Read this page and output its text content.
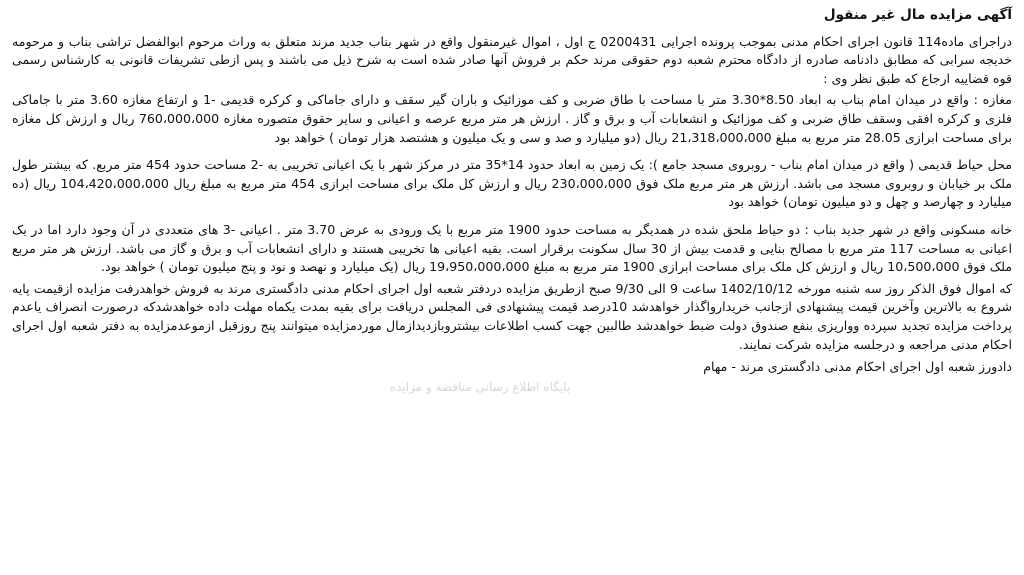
آگهی مزایده مال غیر منقول

دراجرای ماده114 قانون اجرای احکام مدنی بموجب پرونده اجرایی 0200431 ج اول ، اموال غیرمنقول واقع در شهر بناب جدید مرند متعلق به وراث مرحوم ابوالفضل تراشی بناب و مرحومه خدیجه سرابی که مطابق دادنامه صادره از دادگاه محترم شعبه دوم حقوقی مرند حکم بر فروش آنها صادر شده است به شرح ذیل می باشند و پس ازطی تشریفات قانونی به کارشناس رسمی قوه قضاییه ارجاع که طبق نظر وی :

مغازه : واقع در میدان امام بناب به ابعاد 8.50*3.30 متر با مساحت با طاق ضربی و کف موزائیک و باران گیر سقف و دارای جاماکی و کرکره قدیمی -1 و ارتفاع مغازه 3.60 متر با جاماکی فلزی و کرکره افقی وسقف طاق ضربی و کف موزائیک و انشعابات آب و برق و گاز . ارزش هر متر مربع عرصه و اعیانی و سایر حقوق متصوره مغازه 760،000،000 ریال و ارزش کل مغازه برای مساحت ابرازی 28.05 متر مربع به مبلغ 21،318،000،000 ریال (دو میلیارد و صد و سی و یک میلیون و هشتصد هزار تومان ) خواهد بود

محل حیاط قدیمی ( واقع در میدان امام بناب - روبروی مسجد جامع ): یک زمین به ابعاد حدود 14*35 متر در مرکز شهر با یک اعیانی تخریبی به -2 مساحت حدود 454 متر مربع. که بیشتر طول ملک بر خیابان و روبروی مسجد می باشد. ارزش هر متر مربع ملک فوق 230،000،000 ریال و ارزش کل ملک برای مساحت ابرازی 454 متر مربع به مبلغ ریال 104،420،000،000 ریال (ده میلیارد و چهارصد و چهل و دو میلیون تومان) خواهد بود

خانه مسکونی واقع در شهر جدید بناب : دو حیاط ملحق شده در همدیگر به مساحت حدود 1900 متر مربع با یک ورودی به عرض 3.70 متر . اعیانی -3 های متعددی در آن وجود دارد اما در یک اعیانی به مساحت 117 متر مربع با مصالح بنایی و قدمت بیش از 30 سال سکونت برقرار است. بقیه اعیانی ها تخریبی هستند و دارای انشعابات آب و برق و گاز می باشد. ارزش هر متر مربع ملک فوق 10،500،000 ریال و ارزش کل ملک برای مساحت ابرازی 1900 متر مربع به مبلغ 19،950،000،000 ریال (یک میلیارد و نهصد و نود و پنج میلیون تومان ) خواهد بود.

که اموال فوق الذکر روز سه شنبه مورخه 1402/10/12 ساعت 9 الی 9/30 صبح ازطریق مزایده دردفتر شعبه اول اجرای احکام مدنی دادگستری مرند به فروش خواهدرفت مزایده ازقیمت پایه شروع به بالاترین وآخرین قیمت پیشنهادی ازجانب خریدارواگذار خواهدشد 10درصد قیمت پیشنهادی فی المجلس دریافت برای بقیه بمدت یکماه مهلت داده خواهدشدکه درصورت انصراف یاعدم پرداخت مزایده تجدید سپرده وواریزی بنفع صندوق دولت ضبط خواهدشد طالبین جهت کسب اطلاعات بیشتروبازدیدازمال موردمزایده میتوانند پنج روزقبل ازموعدمزایده به دفتر شعبه اول اجرای احکام مدنی مراجعه و درجلسه مزایده شرکت نمایند.

دادورز شعبه اول اجرای احکام مدنی دادگستری مرند - مهام
پایگاه اطلاع رسانی مناقصه و مزایده
